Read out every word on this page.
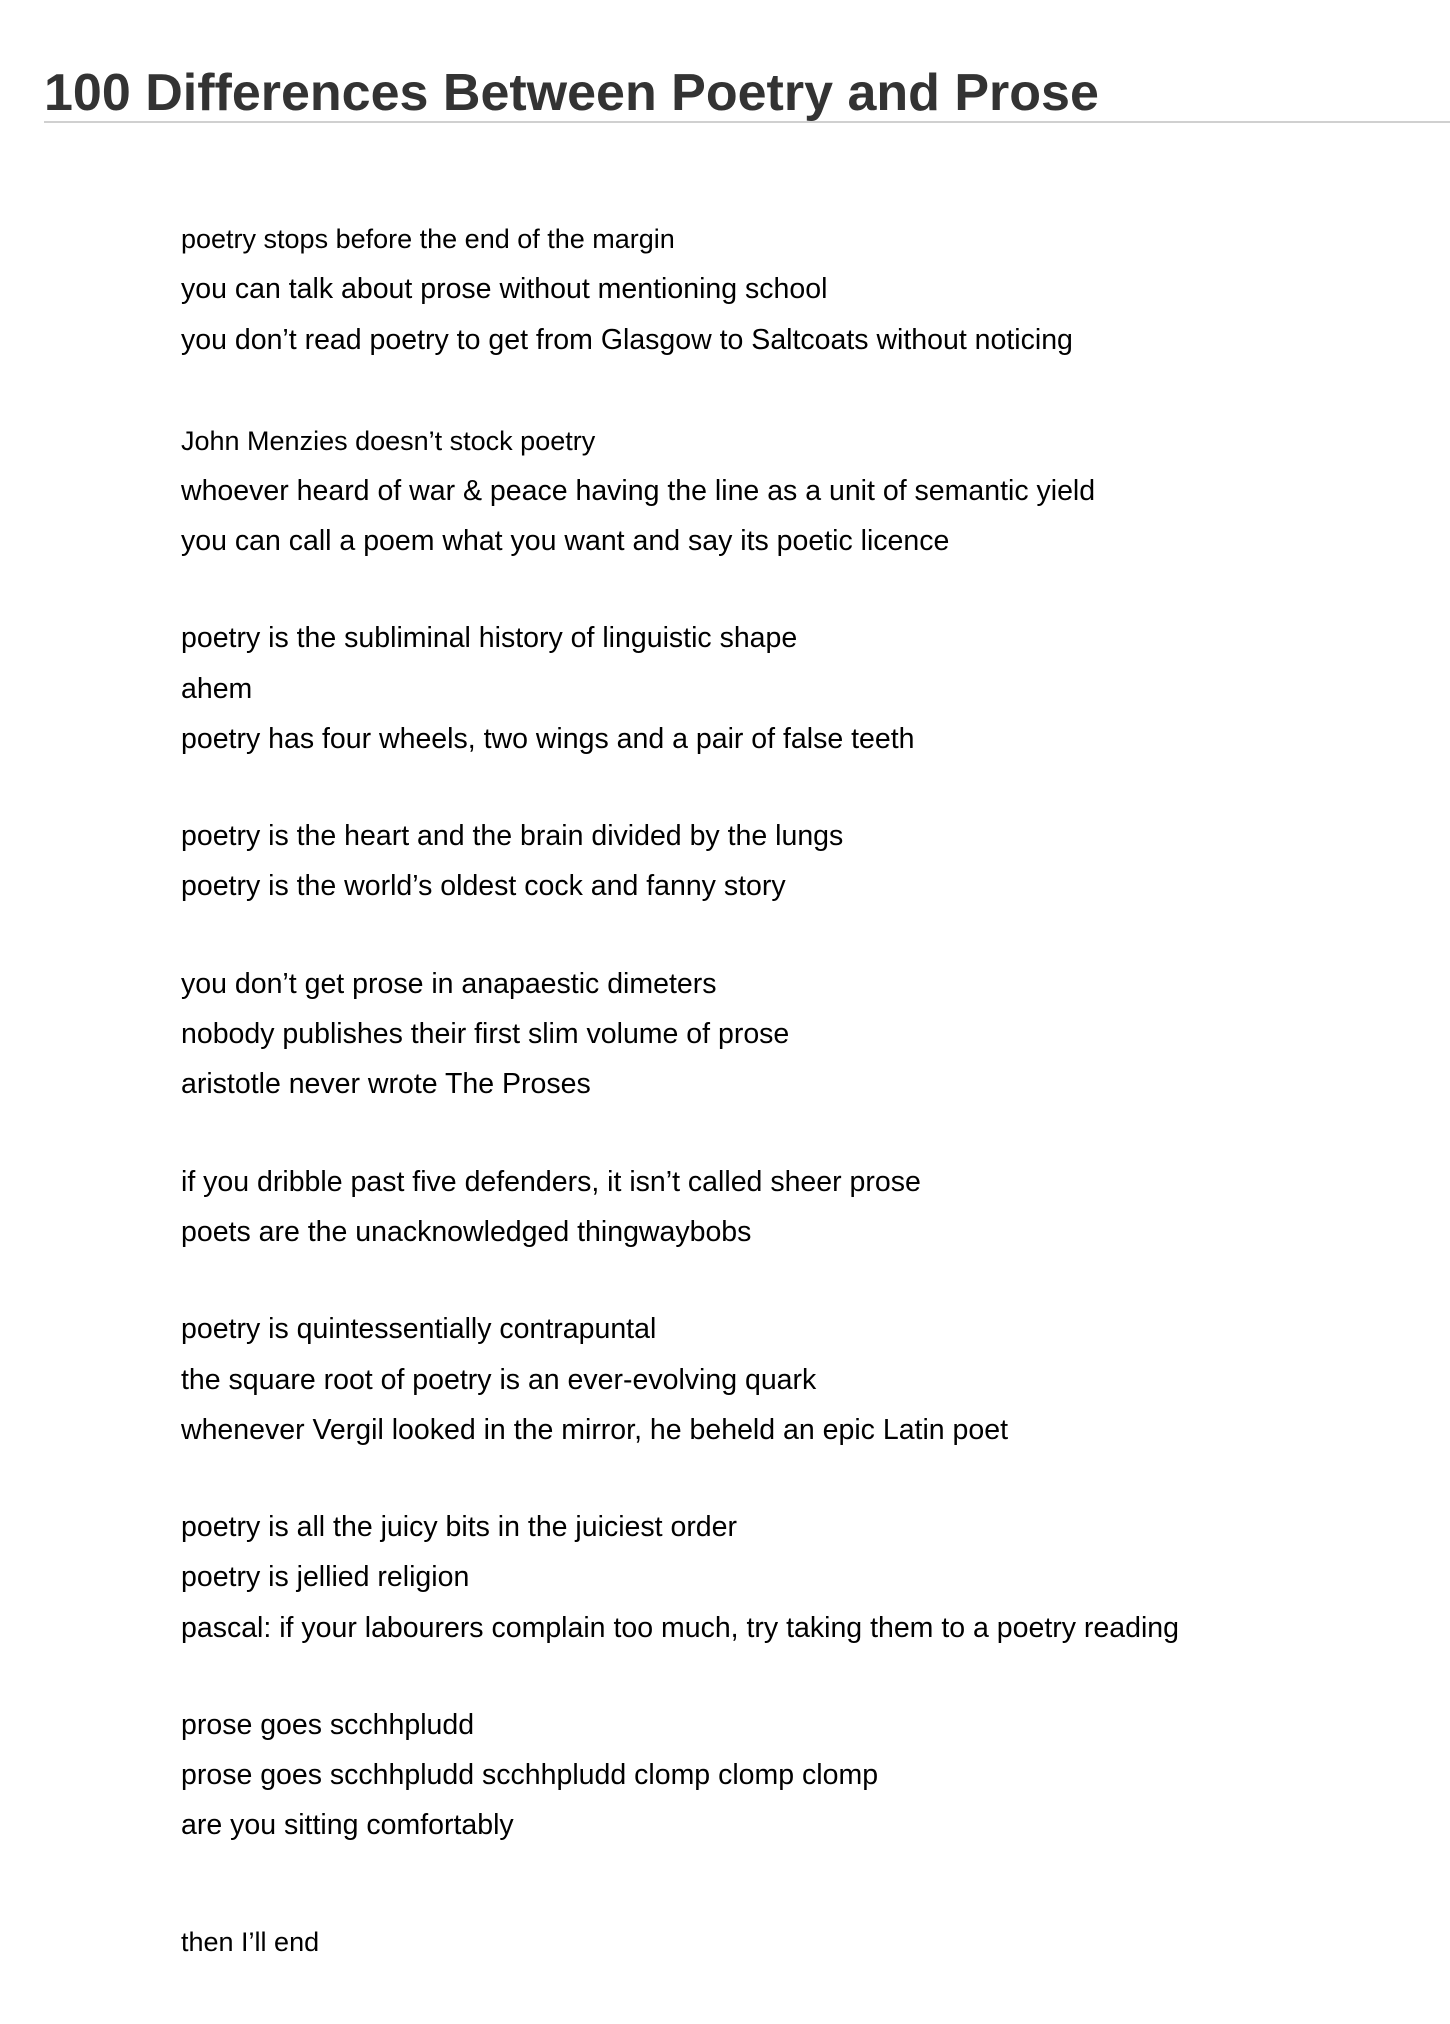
100 Differences Between Poetry and Prose
poetry stops before the end of the margin
you can talk about prose without mentioning school
you don’t read poetry to get from Glasgow to Saltcoats without noticing
John Menzies doesn’t stock poetry
whoever heard of war & peace having the line as a unit of semantic yield
you can call a poem what you want and say its poetic licence
poetry is the subliminal history of linguistic shape
ahem
poetry has four wheels, two wings and a pair of false teeth
poetry is the heart and the brain divided by the lungs
poetry is the world’s oldest cock and fanny story
you don’t get prose in anapaestic dimeters
nobody publishes their first slim volume of prose
aristotle never wrote The Proses
if you dribble past five defenders, it isn’t called sheer prose
poets are the unacknowledged thingwaybobs
poetry is quintessentially contrapuntal
the square root of poetry is an ever-evolving quark
whenever Vergil looked in the mirror, he beheld an epic Latin poet
poetry is all the juicy bits in the juiciest order
poetry is jellied religion
pascal: if your labourers complain too much, try taking them to a poetry reading
prose goes scchhpludd
prose goes scchhpludd scchhpludd clomp clomp clomp
are you sitting comfortably
then I’ll end
